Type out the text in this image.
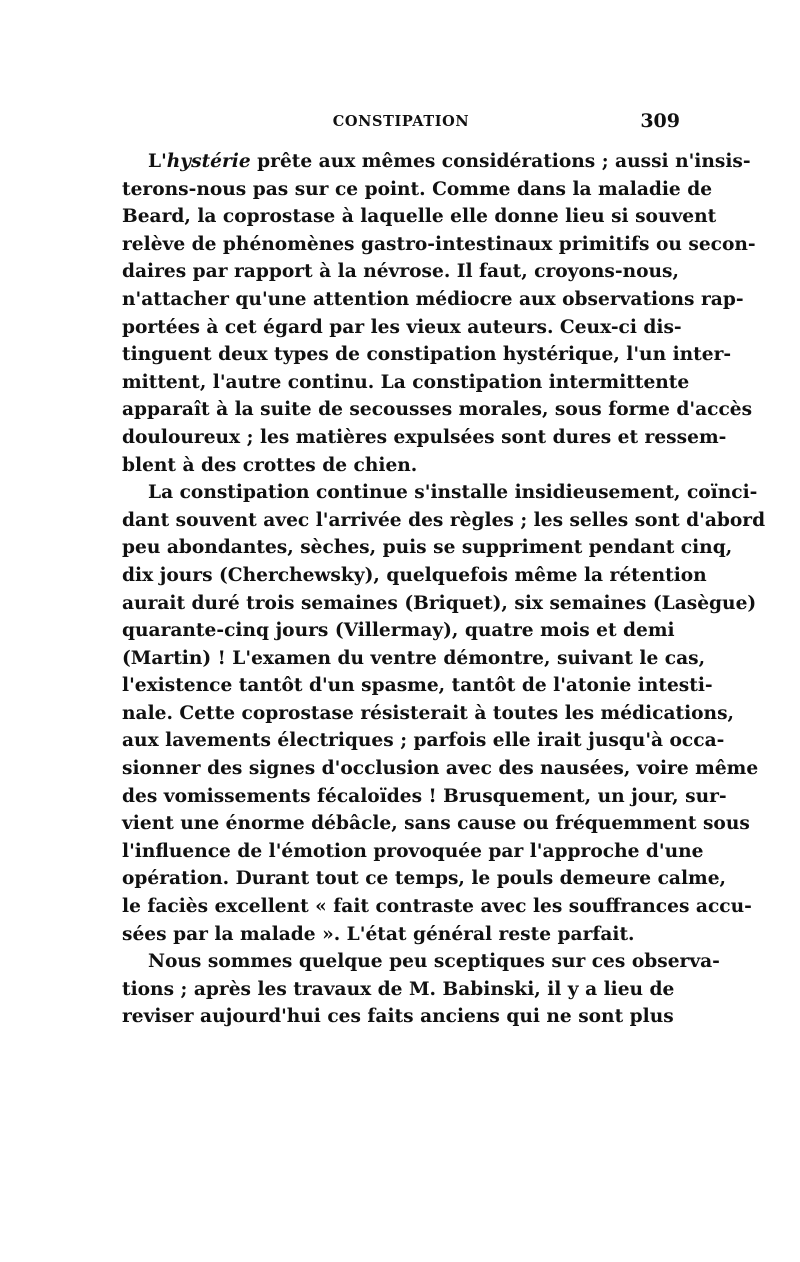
CONSTIPATION	309
L'hystérie prête aux mêmes considérations ; aussi n'insis-
terons-nous pas sur ce point. Comme dans la maladie de
Beard, la coprostase à laquelle elle donne lieu si souvent
relève de phénomènes gastro-intestinaux primitifs ou secon-
daires par rapport à la névrose. Il faut, croyons-nous,
n'attacher qu'une attention médiocre aux observations rap-
portées à cet égard par les vieux auteurs. Ceux-ci dis-
tinguent deux types de constipation hystérique, l'un inter-
mittent, l'autre continu. La constipation intermittente
apparaît à la suite de secousses morales, sous forme d'accès
douloureux ; les matières expulsées sont dures et ressem-
blent à des crottes de chien.
La constipation continue s'installe insidieusement, coïnci-
dant souvent avec l'arrivée des règles ; les selles sont d'abord
peu abondantes, sèches, puis se suppriment pendant cinq,
dix jours (Cherchewsky), quelquefois même la rétention
aurait duré trois semaines (Briquet), six semaines (Lasègue)
quarante-cinq jours (Villermay), quatre mois et demi
(Martin) ! L'examen du ventre démontre, suivant le cas,
l'existence tantôt d'un spasme, tantôt de l'atonie intesti-
nale. Cette coprostase résisterait à toutes les médications,
aux lavements électriques ; parfois elle irait jusqu'à occa-
sionner des signes d'occlusion avec des nausées, voire même
des vomissements fécaloïdes ! Brusquement, un jour, sur-
vient une énorme débâcle, sans cause ou fréquemment sous
l'influence de l'émotion provoquée par l'approche d'une
opération. Durant tout ce temps, le pouls demeure calme,
le faciès excellent « fait contraste avec les souffrances accu-
sées par la malade ». L'état général reste parfait.
Nous sommes quelque peu sceptiques sur ces observa-
tions ; après les travaux de M. Babinski, il y a lieu de
reviser aujourd'hui ces faits anciens qui ne sont plus
